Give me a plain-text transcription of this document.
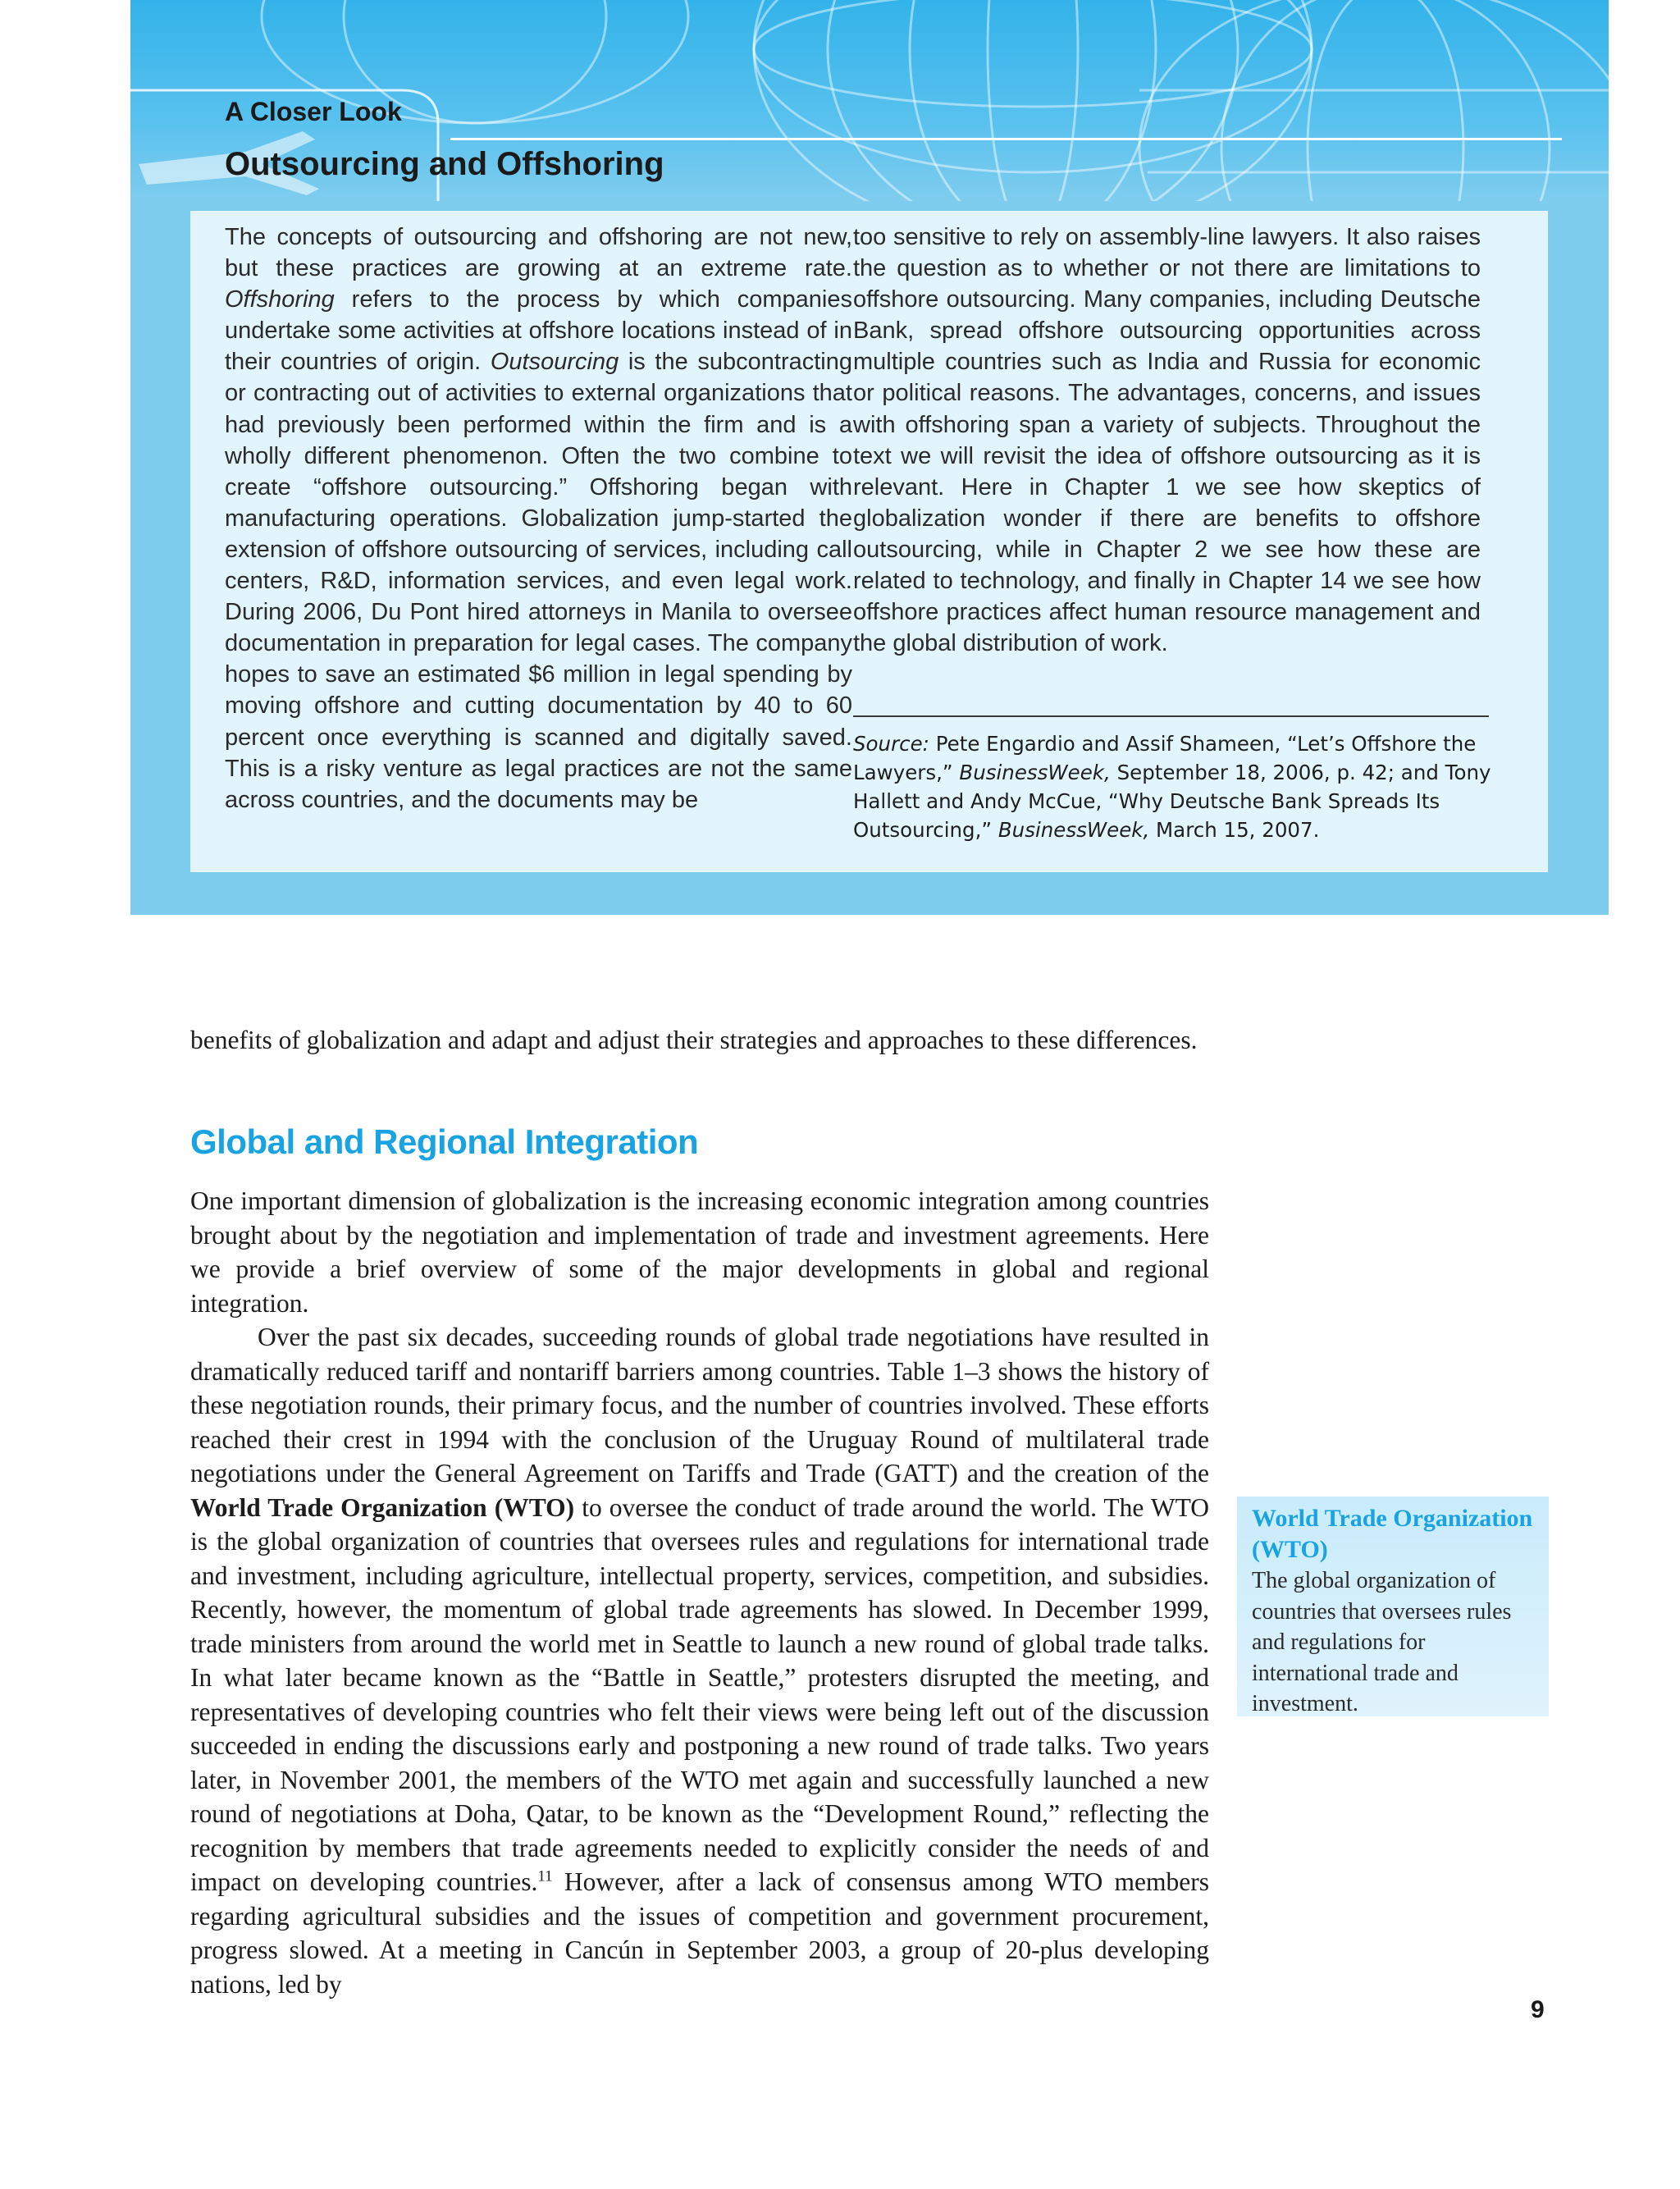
A Closer Look
Outsourcing and Offshoring

The concepts of outsourcing and offshoring are not new, but these practices are growing at an extreme rate. Offshoring refers to the process by which companies undertake some activities at offshore locations instead of in their countries of origin. Outsourcing is the subcontracting or contracting out of activities to external organizations that had previously been performed within the firm and is a wholly different phenomenon. Often the two combine to create “offshore outsourcing.” Offshoring began with manufacturing operations. Globalization jump-started the extension of offshore outsourcing of services, including call centers, R&D, information services, and even legal work. During 2006, Du Pont hired attorneys in Manila to oversee documentation in preparation for legal cases. The company hopes to save an estimated $6 million in legal spending by moving offshore and cutting documentation by 40 to 60 percent once everything is scanned and digitally saved. This is a risky venture as legal practices are not the same across countries, and the documents may be

too sensitive to rely on assembly-line lawyers. It also raises the question as to whether or not there are limitations to offshore outsourcing. Many companies, including Deutsche Bank, spread offshore outsourcing opportunities across multiple countries such as India and Russia for economic or political reasons. The advantages, concerns, and issues with offshoring span a variety of subjects. Throughout the text we will revisit the idea of offshore outsourcing as it is relevant. Here in Chapter 1 we see how skeptics of globalization wonder if there are benefits to offshore outsourcing, while in Chapter 2 we see how these are related to technology, and finally in Chapter 14 we see how offshore practices affect human resource management and the global distribution of work.

Source: Pete Engardio and Assif Shameen, “Let’s Offshore the Lawyers,” BusinessWeek, September 18, 2006, p. 42; and Tony Hallett and Andy McCue, “Why Deutsche Bank Spreads Its Outsourcing,” BusinessWeek, March 15, 2007.

benefits of globalization and adapt and adjust their strategies and approaches to these differences.

Global and Regional Integration

One important dimension of globalization is the increasing economic integration among countries brought about by the negotiation and implementation of trade and investment agreements. Here we provide a brief overview of some of the major developments in global and regional integration.

Over the past six decades, succeeding rounds of global trade negotiations have resulted in dramatically reduced tariff and nontariff barriers among countries. Table 1–3 shows the history of these negotiation rounds, their primary focus, and the number of countries involved. These efforts reached their crest in 1994 with the conclusion of the Uruguay Round of multilateral trade negotiations under the General Agreement on Tariffs and Trade (GATT) and the creation of the World Trade Organization (WTO) to oversee the conduct of trade around the world. The WTO is the global organization of countries that oversees rules and regulations for international trade and investment, including agriculture, intellectual property, services, competition, and subsidies. Recently, however, the momentum of global trade agreements has slowed. In December 1999, trade ministers from around the world met in Seattle to launch a new round of global trade talks. In what later became known as the “Battle in Seattle,” protesters disrupted the meeting, and representatives of developing countries who felt their views were being left out of the discussion succeeded in ending the discussions early and postponing a new round of trade talks. Two years later, in November 2001, the members of the WTO met again and successfully launched a new round of negotiations at Doha, Qatar, to be known as the “Development Round,” reflecting the recognition by members that trade agreements needed to explicitly consider the needs of and impact on developing countries.$^{11}$ However, after a lack of consensus among WTO members regarding agricultural subsidies and the issues of competition and government procurement, progress slowed. At a meeting in Cancún in September 2003, a group of 20-plus developing nations, led by

World Trade Organization (WTO)
The global organization of countries that oversees rules and regulations for international trade and investment.
9
